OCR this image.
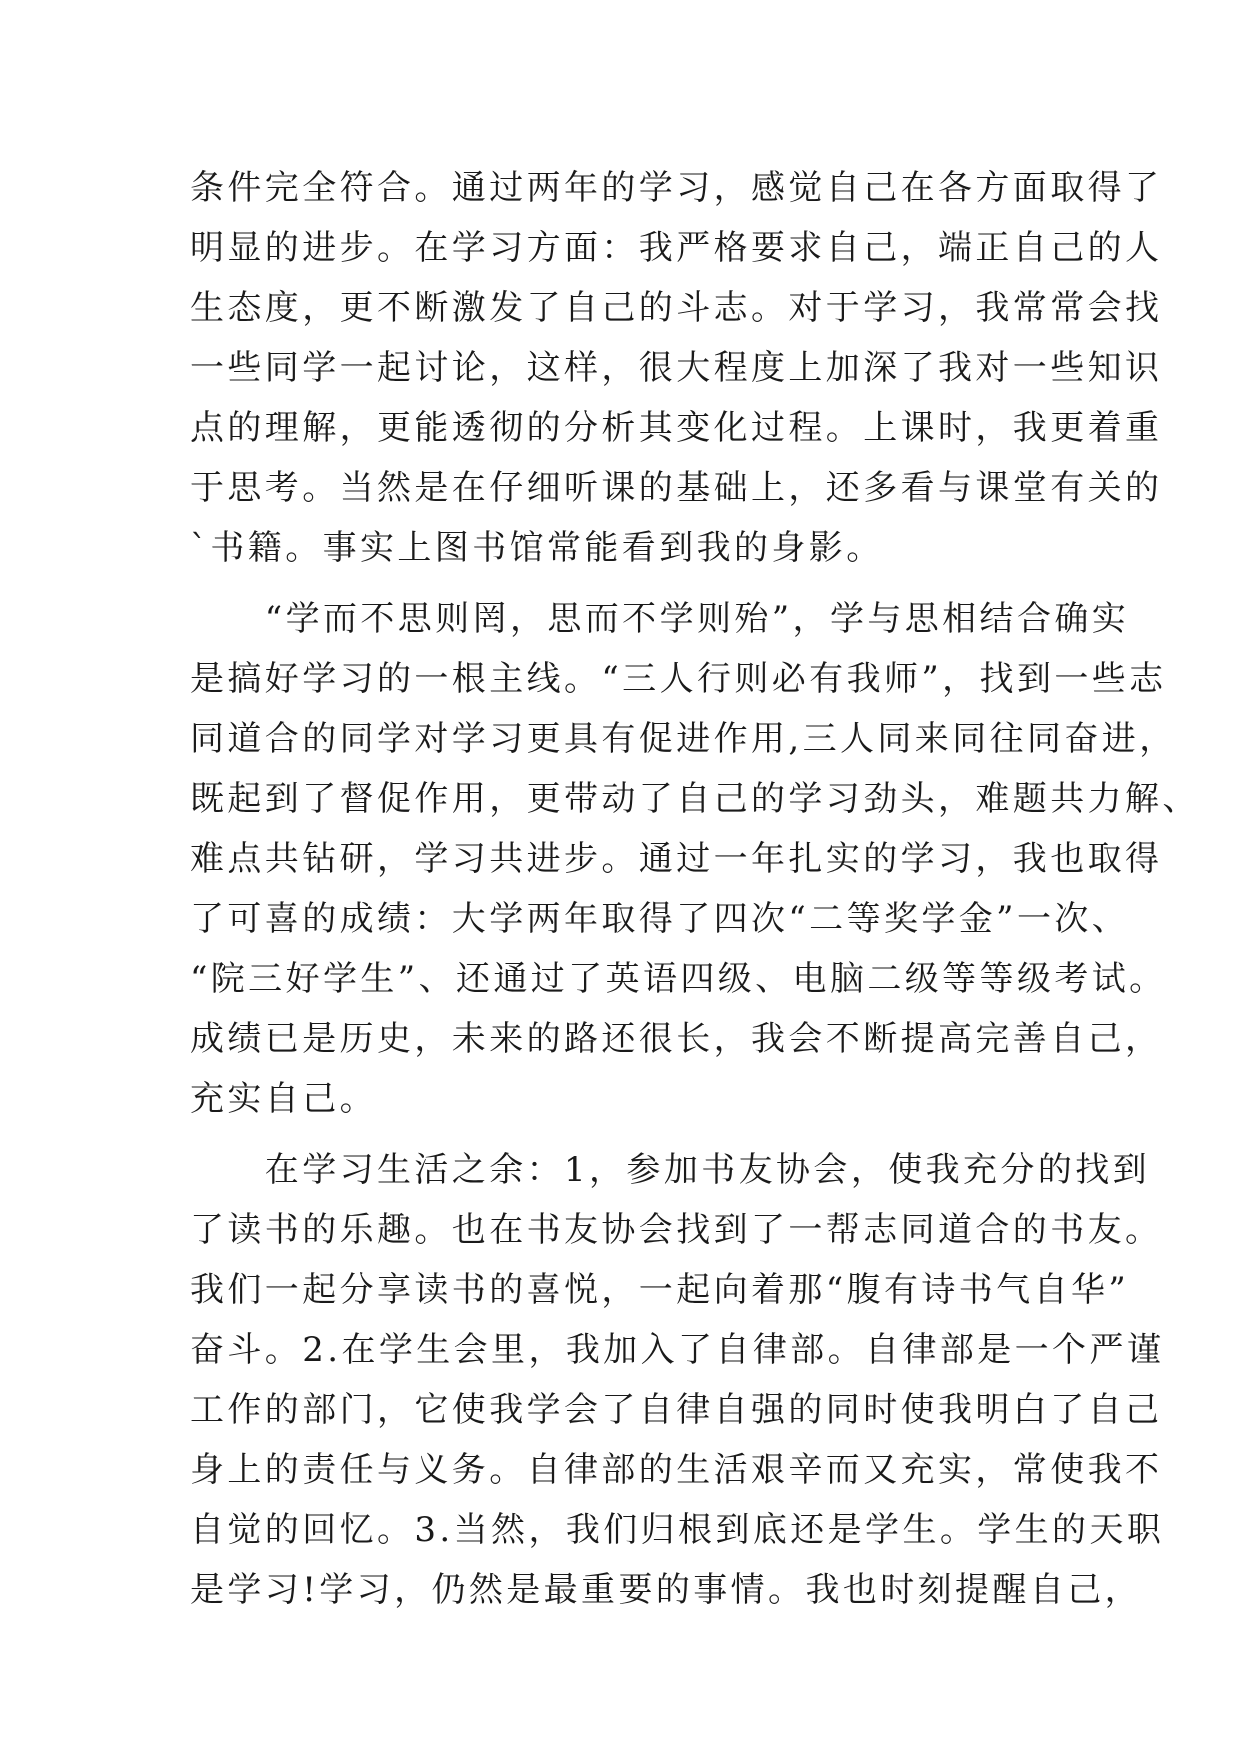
条件完全符合。通过两年的学习，感觉自己在各方面取得了
明显的进步。在学习方面：我严格要求自己，端正自己的人
生态度，更不断激发了自己的斗志。对于学习，我常常会找
一些同学一起讨论，这样，很大程度上加深了我对一些知识
点的理解，更能透彻的分析其变化过程。上课时，我更着重
于思考。当然是在仔细听课的基础上，还多看与课堂有关的
`书籍。事实上图书馆常能看到我的身影。
　　“学而不思则罔，思而不学则殆”，学与思相结合确实
是搞好学习的一根主线。“三人行则必有我师”，找到一些志
同道合的同学对学习更具有促进作用,三人同来同往同奋进，
既起到了督促作用，更带动了自己的学习劲头，难题共力解、
难点共钻研，学习共进步。通过一年扎实的学习，我也取得
了可喜的成绩：大学两年取得了四次“二等奖学金”一次、
“院三好学生”、还通过了英语四级、电脑二级等等级考试。
成绩已是历史，未来的路还很长，我会不断提高完善自己，
充实自己。
　　在学习生活之余：1，参加书友协会，使我充分的找到
了读书的乐趣。也在书友协会找到了一帮志同道合的书友。
我们一起分享读书的喜悦，一起向着那“腹有诗书气自华”
奋斗。2.在学生会里，我加入了自律部。自律部是一个严谨
工作的部门，它使我学会了自律自强的同时使我明白了自己
身上的责任与义务。自律部的生活艰辛而又充实，常使我不
自觉的回忆。3.当然，我们归根到底还是学生。学生的天职
是学习!学习，仍然是最重要的事情。我也时刻提醒自己，
